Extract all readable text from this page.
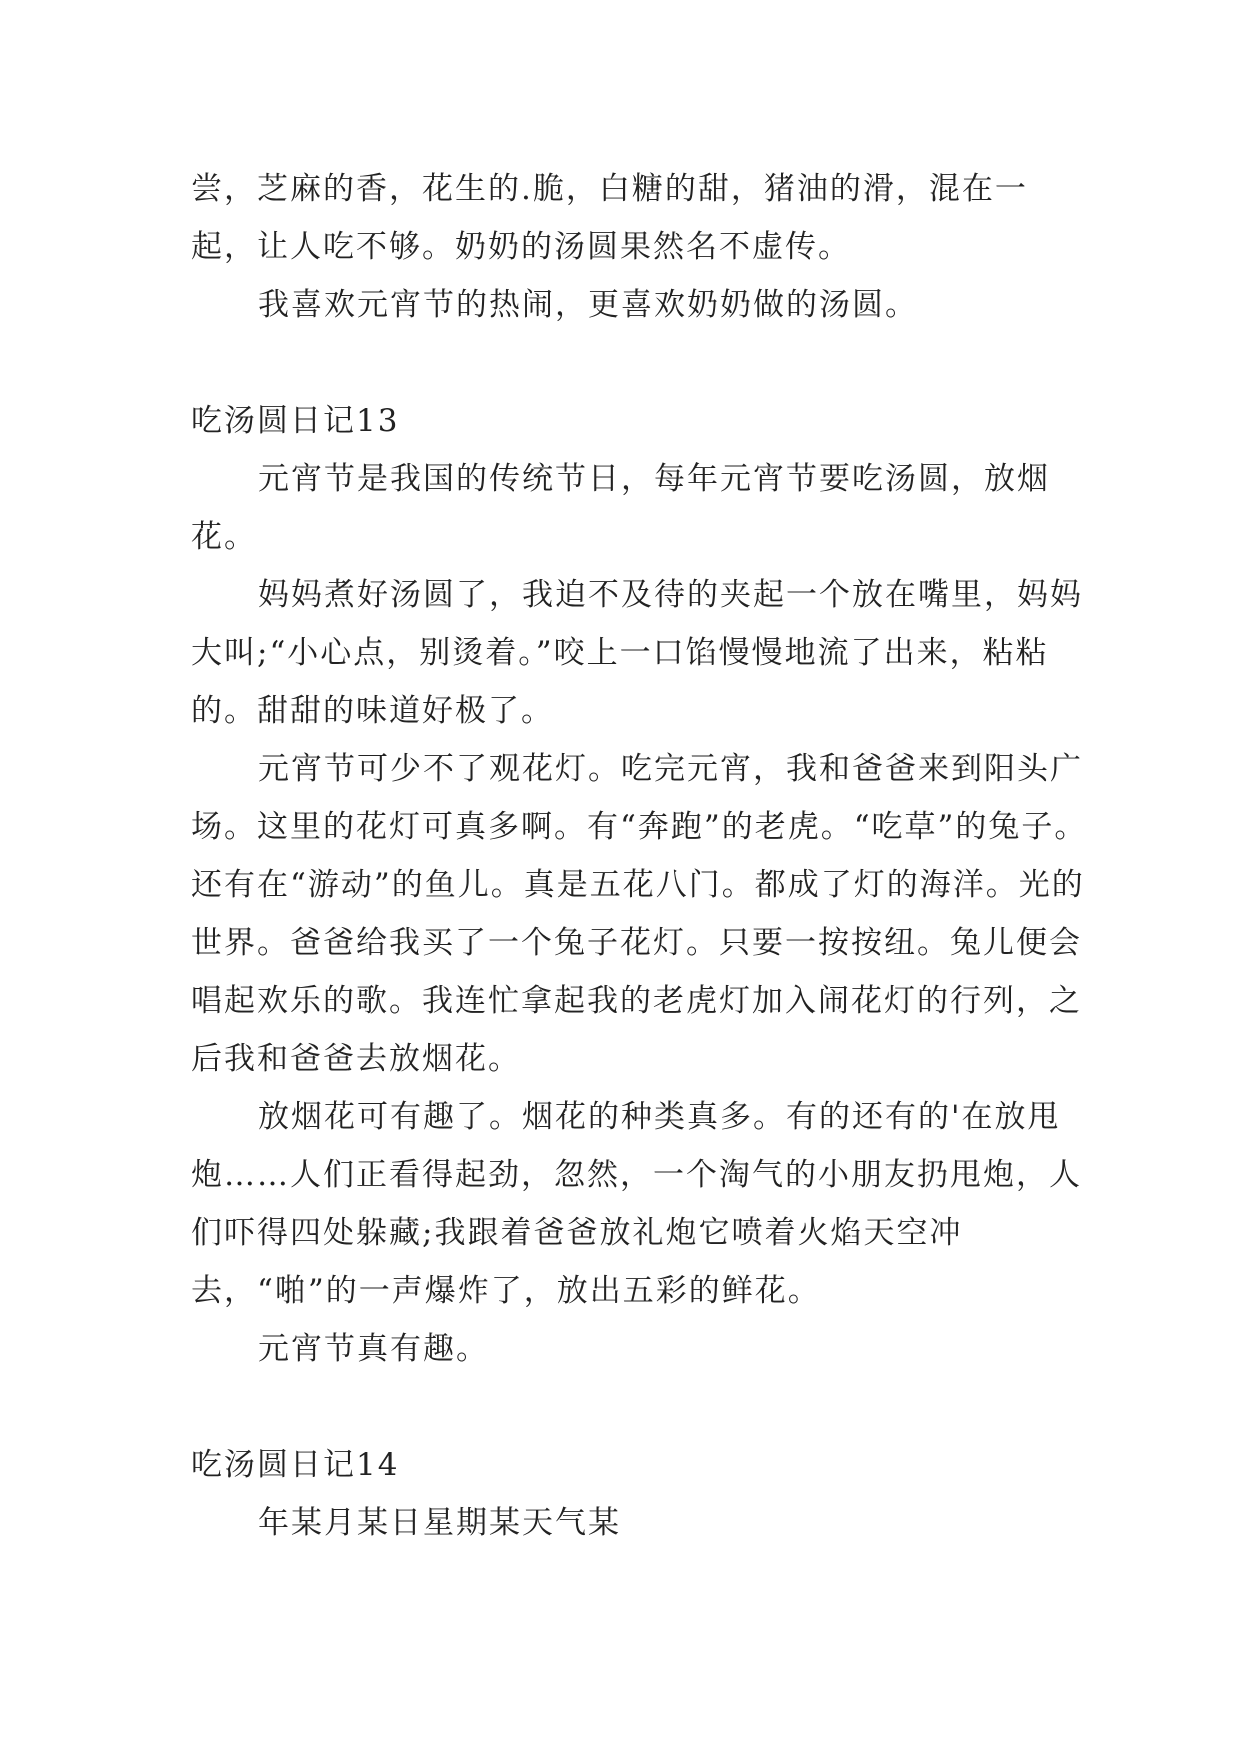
尝，芝麻的香，花生的.脆，白糖的甜，猪油的滑，混在一起，让人吃不够。奶奶的汤圆果然名不虚传。

我喜欢元宵节的热闹，更喜欢奶奶做的汤圆。

吃汤圆日记13

元宵节是我国的传统节日，每年元宵节要吃汤圆，放烟花。

妈妈煮好汤圆了，我迫不及待的夹起一个放在嘴里，妈妈大叫;“小心点，别烫着。”咬上一口馅慢慢地流了出来，粘粘的。甜甜的味道好极了。

元宵节可少不了观花灯。吃完元宵，我和爸爸来到阳头广场。这里的花灯可真多啊。有“奔跑”的老虎。“吃草”的兔子。还有在“游动”的鱼儿。真是五花八门。都成了灯的海洋。光的世界。爸爸给我买了一个兔子花灯。只要一按按纽。兔儿便会唱起欢乐的歌。我连忙拿起我的老虎灯加入闹花灯的行列，之后我和爸爸去放烟花。

放烟花可有趣了。烟花的种类真多。有的还有的'在放甩炮……人们正看得起劲，忽然，一个淘气的小朋友扔甩炮，人们吓得四处躲藏;我跟着爸爸放礼炮它喷着火焰天空冲去，“啪”的一声爆炸了，放出五彩的鲜花。

元宵节真有趣。

吃汤圆日记14

年某月某日星期某天气某
